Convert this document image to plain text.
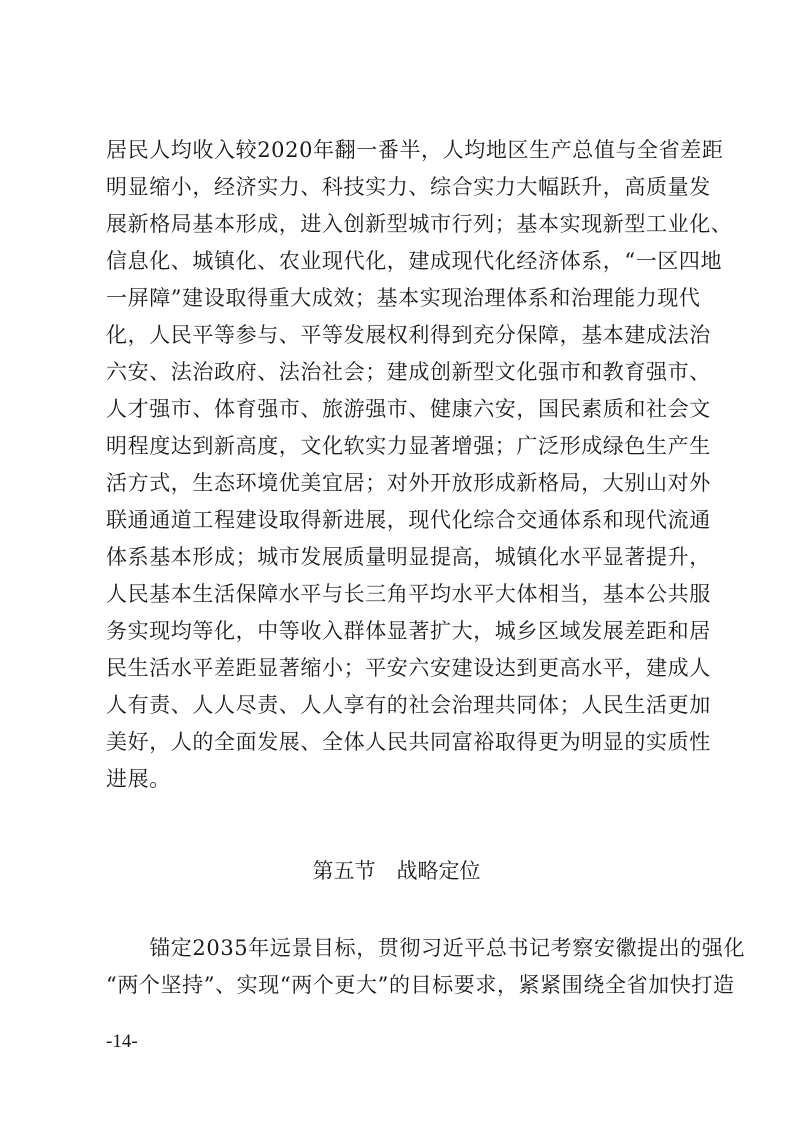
居民人均收入较2020年翻一番半，人均地区生产总值与全省差距
明显缩小，经济实力、科技实力、综合实力大幅跃升，高质量发
展新格局基本形成，进入创新型城市行列；基本实现新型工业化、
信息化、城镇化、农业现代化，建成现代化经济体系，“一区四地
一屏障”建设取得重大成效；基本实现治理体系和治理能力现代
化，人民平等参与、平等发展权利得到充分保障，基本建成法治
六安、法治政府、法治社会；建成创新型文化强市和教育强市、
人才强市、体育强市、旅游强市、健康六安，国民素质和社会文
明程度达到新高度，文化软实力显著增强；广泛形成绿色生产生
活方式，生态环境优美宜居；对外开放形成新格局，大别山对外
联通通道工程建设取得新进展，现代化综合交通体系和现代流通
体系基本形成；城市发展质量明显提高，城镇化水平显著提升，
人民基本生活保障水平与长三角平均水平大体相当，基本公共服
务实现均等化，中等收入群体显著扩大，城乡区域发展差距和居
民生活水平差距显著缩小；平安六安建设达到更高水平，建成人
人有责、人人尽责、人人享有的社会治理共同体；人民生活更加
美好，人的全面发展、全体人民共同富裕取得更为明显的实质性
进展。
第五节　战略定位
　　锚定2035年远景目标，贯彻习近平总书记考察安徽提出的强化
“两个坚持”、实现“两个更大”的目标要求，紧紧围绕全省加快打造
-14-
